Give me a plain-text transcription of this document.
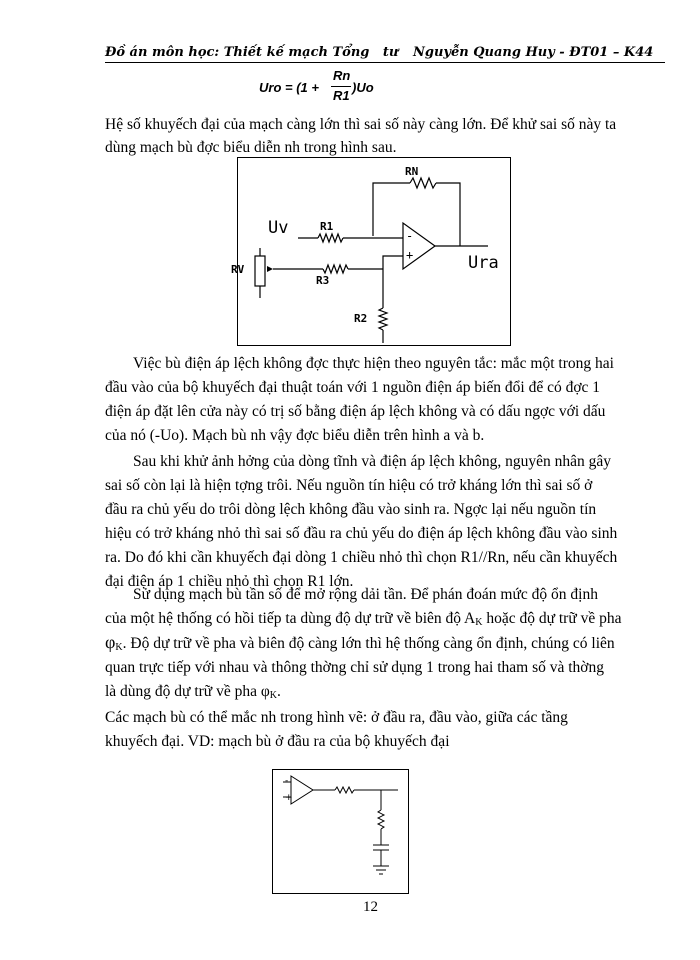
Đồ án môn học: Thiết kế mạch Tổng   tư Nguyễn Quang Huy - ĐT01 – K44
Uro = (1 +
Rn
R1
)Uo
Hệ số khuyếch đại của mạch càng lớn thì sai số này càng lớn. Để khử sai số này ta
dùng mạch bù đợc biểu diễn nh trong hình sau.
RN
Uv	R1
RV
R3
R2
Ura
-
+
Việc bù điện áp lệch không đợc thực hiện theo nguyên tắc: mắc một trong hai
đầu vào của bộ khuyếch đại thuật toán với 1 nguồn điện áp biến đổi để có đợc 1
điện áp đặt lên cửa này có trị số bằng điện áp lệch không và có dấu ngợc với dấu
của nó (-Uo). Mạch bù nh vậy đợc biểu diễn trên hình a và b.
Sau khi khử ảnh hởng của dòng tĩnh và điện áp lệch không, nguyên nhân gây
sai số còn lại là hiện tợng trôi. Nếu nguồn tín hiệu có trở kháng lớn thì sai số ở
đầu ra chủ yếu do trôi dòng lệch không đầu vào sinh ra. Ngợc lại nếu nguồn tín
hiệu có trở kháng nhỏ thì sai số đầu ra chủ yếu do điện áp lệch không đầu vào sinh
ra. Do đó khi cần khuyếch đại dòng 1 chiều nhỏ thì chọn R1//Rn, nếu cần khuyếch
đại điện áp 1 chiều nhỏ thì chọn R1 lớn.
Sử dụng mạch bù tần số để mở rộng dải tần. Để phán đoán mức độ ổn định
của một hệ thống có hồi tiếp ta dùng độ dự trữ về biên độ AK hoặc độ dự trữ về pha
φK. Độ dự trữ về pha và biên độ càng lớn thì hệ thống càng ổn định, chúng có liên
quan trực tiếp với nhau và thông thờng chỉ sử dụng 1 trong hai tham số và thờng
là dùng độ dự trữ về pha φK.
Các mạch bù có thể mắc nh trong hình vẽ: ở đầu ra, đầu vào, giữa các tầng
khuyếch đại. VD: mạch bù ở đầu ra của bộ khuyếch đại
-
+
12
